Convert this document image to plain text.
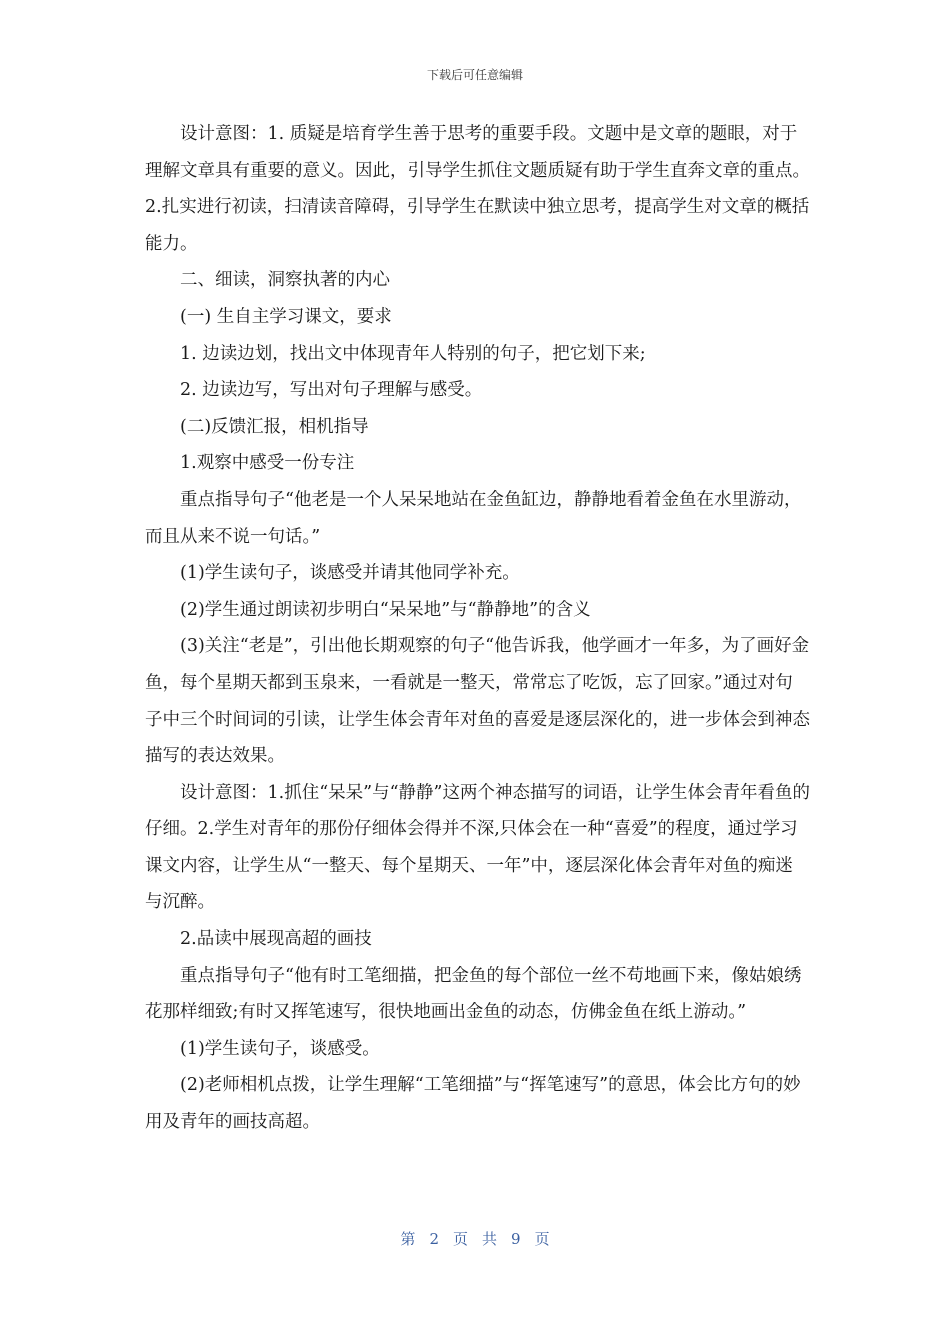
下载后可任意编辑

设计意图：1. 质疑是培育学生善于思考的重要手段。文题中是文章的题眼，对于理解文章具有重要的意义。因此，引导学生抓住文题质疑有助于学生直奔文章的重点。 2.扎实进行初读，扫清读音障碍，引导学生在默读中独立思考，提高学生对文章的概括能力。

二、细读，洞察执著的内心

(一) 生自主学习课文，要求

1. 边读边划，找出文中体现青年人特别的句子，把它划下来;

2. 边读边写，写出对句子理解与感受。

(二)反馈汇报，相机指导

1.观察中感受一份专注

重点指导句子“他老是一个人呆呆地站在金鱼缸边，静静地看着金鱼在水里游动，而且从来不说一句话。”

(1)学生读句子，谈感受并请其他同学补充。

(2)学生通过朗读初步明白“呆呆地”与“静静地”的含义

(3)关注“老是”，引出他长期观察的句子“他告诉我，他学画才一年多，为了画好金鱼，每个星期天都到玉泉来，一看就是一整天，常常忘了吃饭，忘了回家。”通过对句子中三个时间词的引读，让学生体会青年对鱼的喜爱是逐层深化的，进一步体会到神态描写的表达效果。

设计意图：1.抓住“呆呆”与“静静”这两个神态描写的词语，让学生体会青年看鱼的仔细。2.学生对青年的那份仔细体会得并不深,只体会在一种“喜爱”的程度，通过学习课文内容，让学生从“一整天、每个星期天、一年”中，逐层深化体会青年对鱼的痴迷与沉醉。

2.品读中展现高超的画技

重点指导句子“他有时工笔细描，把金鱼的每个部位一丝不苟地画下来，像姑娘绣花那样细致;有时又挥笔速写，很快地画出金鱼的动态，仿佛金鱼在纸上游动。”

(1)学生读句子，谈感受。

(2)老师相机点拨，让学生理解“工笔细描”与“挥笔速写”的意思，体会比方句的妙用及青年的画技高超。

第 2 页 共 9 页
